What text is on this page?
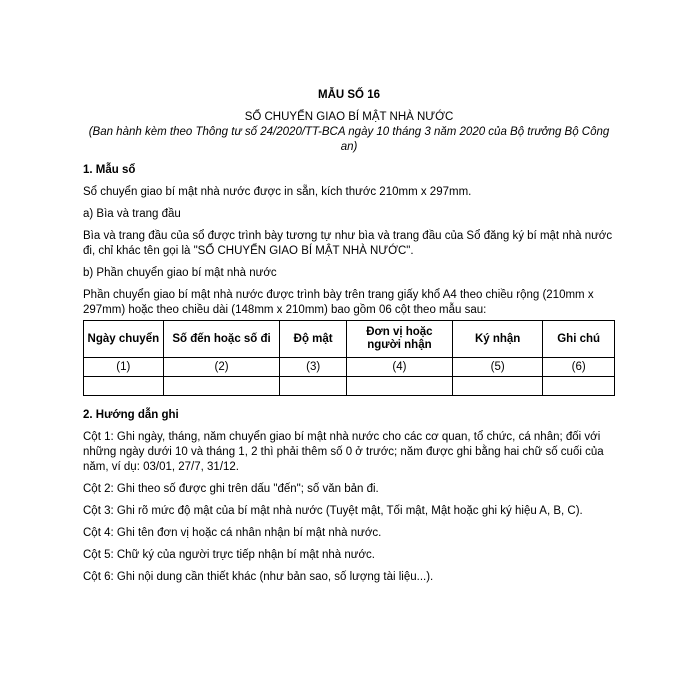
MẪU SỐ 16
SỔ CHUYỂN GIAO BÍ MẬT NHÀ NƯỚC
(Ban hành kèm theo Thông tư số 24/2020/TT-BCA ngày 10 tháng 3 năm 2020 của Bộ trưởng Bộ Công an)
1. Mẫu sổ

Sổ chuyển giao bí mật nhà nước được in sẵn, kích thước 210mm x 297mm.

a) Bìa và trang đầu

Bìa và trang đầu của sổ được trình bày tương tự như bìa và trang đầu của Sổ đăng ký bí mật nhà nước đi, chỉ khác tên gọi là "SỔ CHUYỂN GIAO BÍ MẬT NHÀ NƯỚC".

b) Phần chuyển giao bí mật nhà nước

Phần chuyển giao bí mật nhà nước được trình bày trên trang giấy khổ A4 theo chiều rộng (210mm x 297mm) hoặc theo chiều dài (148mm x 210mm) bao gồm 06 cột theo mẫu sau:

Ngày chuyển	Số đến hoặc số đi	Độ mật	Đơn vị hoặc người nhận	Ký nhận	Ghi chú
(1)	(2)	(3)	(4)	(5)	(6)

2. Hướng dẫn ghi

Cột 1: Ghi ngày, tháng, năm chuyển giao bí mật nhà nước cho các cơ quan, tổ chức, cá nhân; đối với những ngày dưới 10 và tháng 1, 2 thì phải thêm số 0 ở trước; năm được ghi bằng hai chữ số cuối của năm, ví dụ: 03/01, 27/7, 31/12.

Cột 2: Ghi theo số được ghi trên dấu "đến"; số văn bản đi.

Cột 3: Ghi rõ mức độ mật của bí mật nhà nước (Tuyệt mật, Tối mật, Mật hoặc ghi ký hiệu A, B, C).

Cột 4: Ghi tên đơn vị hoặc cá nhân nhận bí mật nhà nước.

Cột 5: Chữ ký của người trực tiếp nhận bí mật nhà nước.

Cột 6: Ghi nội dung cần thiết khác (như bản sao, số lượng tài liệu...).
